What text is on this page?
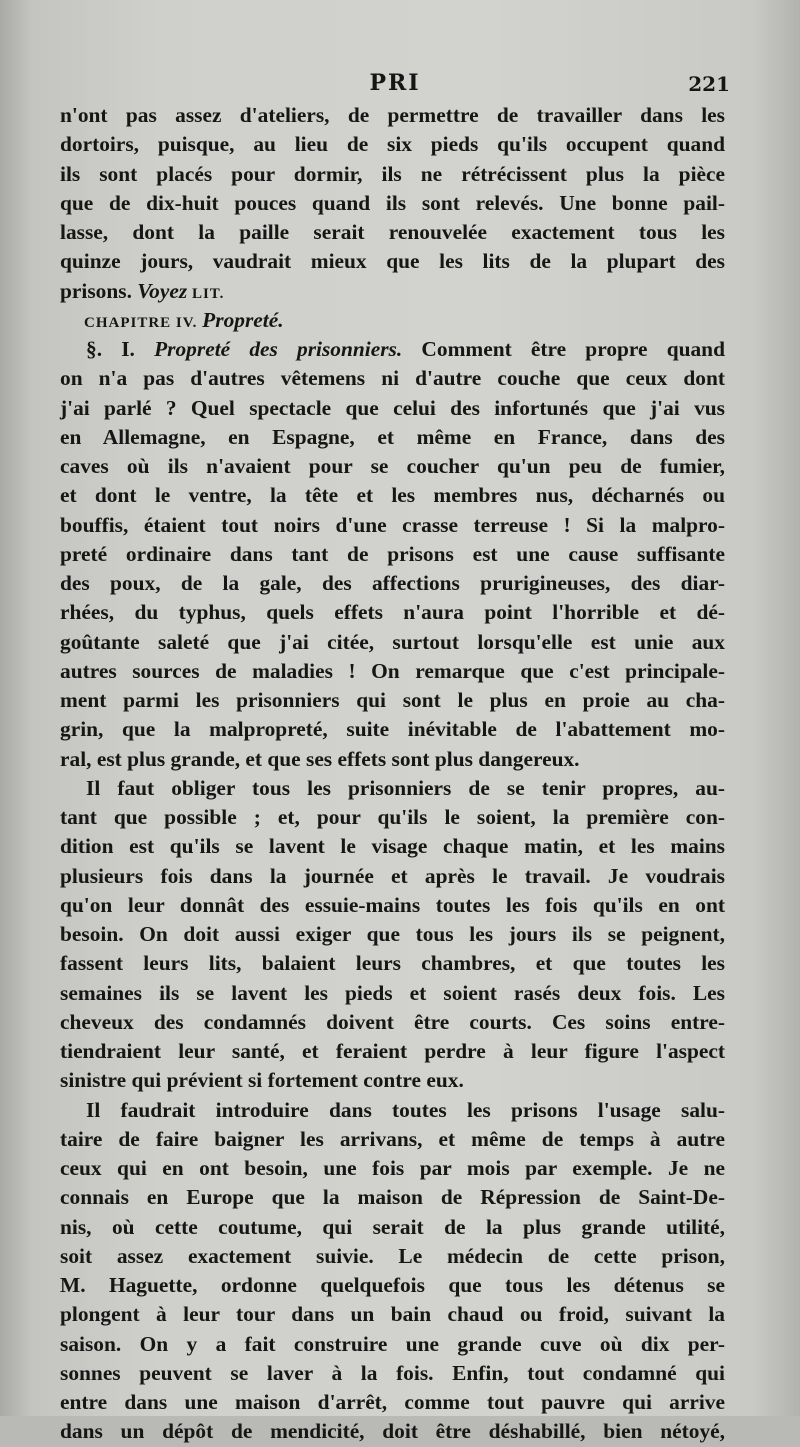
PRI	221
n'ont pas assez d'ateliers, de permettre de travailler dans les
dortoirs, puisque, au lieu de six pieds qu'ils occupent quand
ils sont placés pour dormir, ils ne rétrécissent plus la pièce
que de dix-huit pouces quand ils sont relevés. Une bonne pail-
lasse, dont la paille serait renouvelée exactement tous les
quinze jours, vaudrait mieux que les lits de la plupart des
prisons. Voyez LIT.
CHAPITRE IV. Propreté.
§. I. Propreté des prisonniers. Comment être propre quand
on n'a pas d'autres vêtemens ni d'autre couche que ceux dont
j'ai parlé ? Quel spectacle que celui des infortunés que j'ai vus
en Allemagne, en Espagne, et même en France, dans des
caves où ils n'avaient pour se coucher qu'un peu de fumier,
et dont le ventre, la tête et les membres nus, décharnés ou
bouffis, étaient tout noirs d'une crasse terreuse ! Si la malpro-
preté ordinaire dans tant de prisons est une cause suffisante
des poux, de la gale, des affections prurigineuses, des diar-
rhées, du typhus, quels effets n'aura point l'horrible et dé-
goûtante saleté que j'ai citée, surtout lorsqu'elle est unie aux
autres sources de maladies ! On remarque que c'est principale-
ment parmi les prisonniers qui sont le plus en proie au cha-
grin, que la malpropreté, suite inévitable de l'abattement mo-
ral, est plus grande, et que ses effets sont plus dangereux.
Il faut obliger tous les prisonniers de se tenir propres, au-
tant que possible ; et, pour qu'ils le soient, la première con-
dition est qu'ils se lavent le visage chaque matin, et les mains
plusieurs fois dans la journée et après le travail. Je voudrais
qu'on leur donnât des essuie-mains toutes les fois qu'ils en ont
besoin. On doit aussi exiger que tous les jours ils se peignent,
fassent leurs lits, balaient leurs chambres, et que toutes les
semaines ils se lavent les pieds et soient rasés deux fois. Les
cheveux des condamnés doivent être courts. Ces soins entre-
tiendraient leur santé, et feraient perdre à leur figure l'aspect
sinistre qui prévient si fortement contre eux.
Il faudrait introduire dans toutes les prisons l'usage salu-
taire de faire baigner les arrivans, et même de temps à autre
ceux qui en ont besoin, une fois par mois par exemple. Je ne
connais en Europe que la maison de Répression de Saint-De-
nis, où cette coutume, qui serait de la plus grande utilité,
soit assez exactement suivie. Le médecin de cette prison,
M. Haguette, ordonne quelquefois que tous les détenus se
plongent à leur tour dans un bain chaud ou froid, suivant la
saison. On y a fait construire une grande cuve où dix per-
sonnes peuvent se laver à la fois. Enfin, tout condamné qui
entre dans une maison d'arrêt, comme tout pauvre qui arrive
dans un dépôt de mendicité, doit être déshabillé, bien nétoyé,
